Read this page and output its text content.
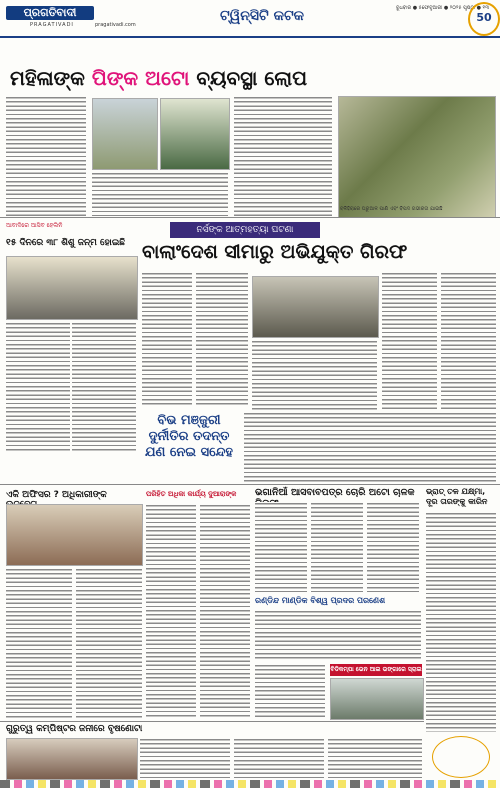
ପ୍ରଗତିବାଦୀ
PRAGATIVADI	pragativadi.com
ଟ୍ୱିନ୍‌ସିଟି କଟକ	ବୁଧବାର ● ୫ଫେବୃଆରୀ ● ୨୦୨୫ ପୃଷ୍ଠା ● ୧୩
50
ମହିଳାଙ୍କ ପିଙ୍କ ଅଟୋ ବ୍ୟବସ୍ଥା ଲୋପ
ବଳିହିରାରେ ଘରୁଆଳ ପାଣି ଏବଂ ବିପଦ ଗଭୀରତା ଯାଇଛି
ନର୍ସଙ୍କ ଆତ୍ମହତ୍ୟା ଘଟଣା
ଆବାଦିରେ ଆସିବ ହେଲିନି
୧୫ ଦିନରେ ୩୮ ଶିଶୁ ଜନ୍ମ ହୋଇଛି ବାଲାଂଦେଶ ସୀମାରୁ ଅଭିଯୁକ୍ତ ଗିରଫ
ବିଭ ମଞ୍ଜୁରୀ ଦୁର୍ନୀତିର ତଦନ୍ତ ଯଣ ନେଇ ସନ୍ଦେହ
ଏକି ଅଫିସର ? ଅଧିକାରୀଙ୍କ	ପରିହିତ ଅଧିକା କାର୍ଯ୍ୟ ଦୁଆରାଙ୍କ	ଭଗାନିଆଁ ଆସବାବପତ୍ର ଚୋରି ଅଟୋ ଚାଳକ
ରଣ୍ଡିନ୍ଦ ମାଣ୍ଡିକ ବିଶ୍ୱ ପ୍ରଦର ପରଣେଶ
ବିଡିକମ୍ପା ଭେନ ଆଇ ଭଙ୍ଗାରେ ସ୍ରାଇ
ଭ୍ରାତ୍ ତଳ ଯକ୍ଷ୍ମା, ଦୂର ତାରଙ୍କୁ କାରିନ
ଗୁରୁତ୍ୱ କମ୍ପିଷ୍ଟର ଜନୀରେ ବୃଷଣୋଟା
